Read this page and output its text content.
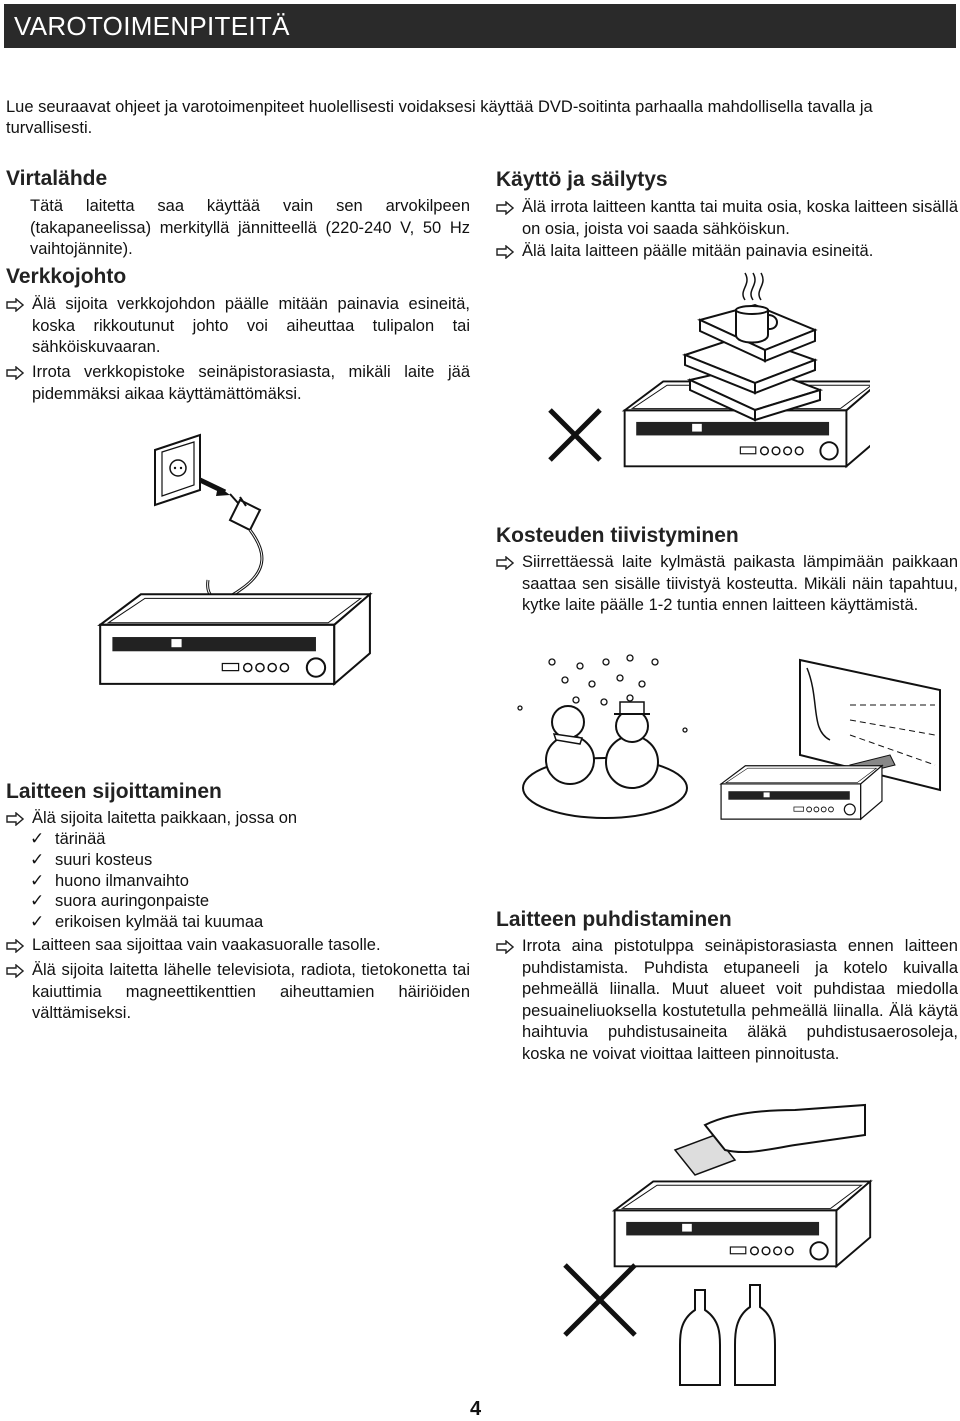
VAROTOIMENPITEITÄ
Lue seuraavat ohjeet ja varotoimenpiteet huolellisesti voidaksesi käyttää DVD-soitinta parhaalla mahdollisella tavalla ja turvallisesti.
Virtalähde
Tätä laitetta saa käyttää vain sen arvokilpeen (takapaneelissa) merkityllä jännitteellä (220-240 V, 50 Hz vaihtojännite).
Verkkojohto
Älä sijoita verkkojohdon päälle mitään painavia esineitä, koska rikkoutunut johto voi aiheuttaa tulipalon tai sähköiskuvaaran.
Irrota verkkopistoke seinäpistorasiasta, mikäli laite jää pidemmäksi aikaa käyttämättömäksi.
Laitteen sijoittaminen
Älä sijoita laitetta paikkaan, jossa on
✓ tärinää
✓ suuri kosteus
✓ huono ilmanvaihto
✓ suora auringonpaiste
✓ erikoisen kylmää tai kuumaa
Laitteen saa sijoittaa vain vaakasuoralle tasolle.
Älä sijoita laitetta lähelle televisiota, radiota, tietokonetta tai kaiuttimia magneettikenttien aiheuttamien häiriöiden välttämiseksi.
Käyttö ja säilytys
Älä irrota laitteen kantta tai muita osia, koska laitteen sisällä on osia, joista voi saada sähköiskun.
Älä laita laitteen päälle mitään painavia esineitä.
Kosteuden tiivistyminen
Siirrettäessä laite kylmästä paikasta lämpimään paikkaan saattaa sen sisälle tiivistyä kosteutta. Mikäli näin tapahtuu, kytke laite päälle 1-2 tuntia ennen laitteen käyttämistä.
Laitteen puhdistaminen
Irrota aina pistotulppa seinäpistorasiasta ennen laitteen puhdistamista. Puhdista etupaneeli ja kotelo kuivalla pehmeällä liinalla. Muut alueet voit puhdistaa miedolla pesuaineliuoksella kostutetulla pehmeällä liinalla. Älä käytä haihtuvia puhdistusaineita äläkä puhdistusaerosoleja, koska ne voivat vioittaa laitteen pinnoitusta.
4
